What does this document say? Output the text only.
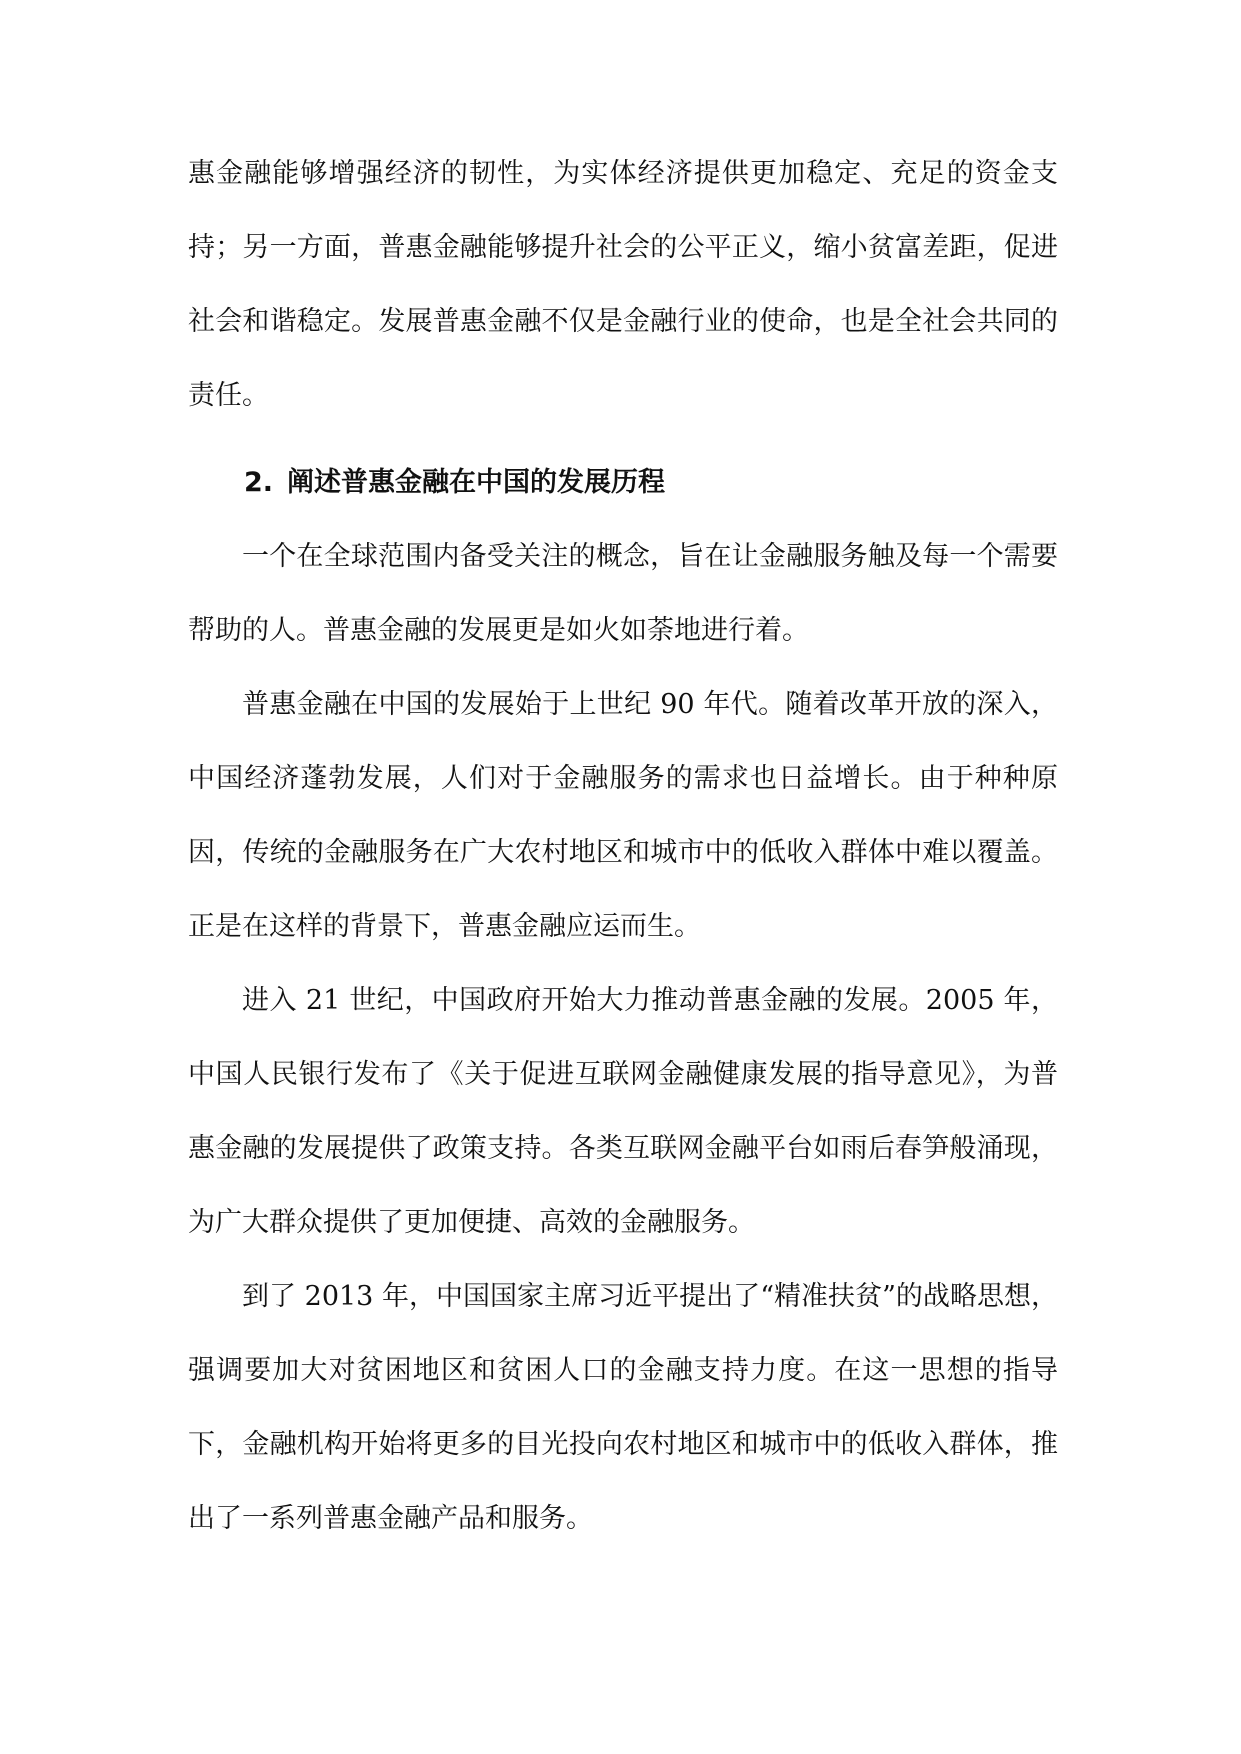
惠金融能够增强经济的韧性，为实体经济提供更加稳定、充足的资金支持；另一方面，普惠金融能够提升社会的公平正义，缩小贫富差距，促进社会和谐稳定。发展普惠金融不仅是金融行业的使命，也是全社会共同的责任。

2. 阐述普惠金融在中国的发展历程

一个在全球范围内备受关注的概念，旨在让金融服务触及每一个需要帮助的人。普惠金融的发展更是如火如荼地进行着。

普惠金融在中国的发展始于上世纪 90 年代。随着改革开放的深入，中国经济蓬勃发展，人们对于金融服务的需求也日益增长。由于种种原因，传统的金融服务在广大农村地区和城市中的低收入群体中难以覆盖。正是在这样的背景下，普惠金融应运而生。

进入 21 世纪，中国政府开始大力推动普惠金融的发展。2005 年，中国人民银行发布了《关于促进互联网金融健康发展的指导意见》，为普惠金融的发展提供了政策支持。各类互联网金融平台如雨后春笋般涌现，为广大群众提供了更加便捷、高效的金融服务。

到了 2013 年，中国国家主席习近平提出了“精准扶贫”的战略思想，强调要加大对贫困地区和贫困人口的金融支持力度。在这一思想的指导下，金融机构开始将更多的目光投向农村地区和城市中的低收入群体，推出了一系列普惠金融产品和服务。
